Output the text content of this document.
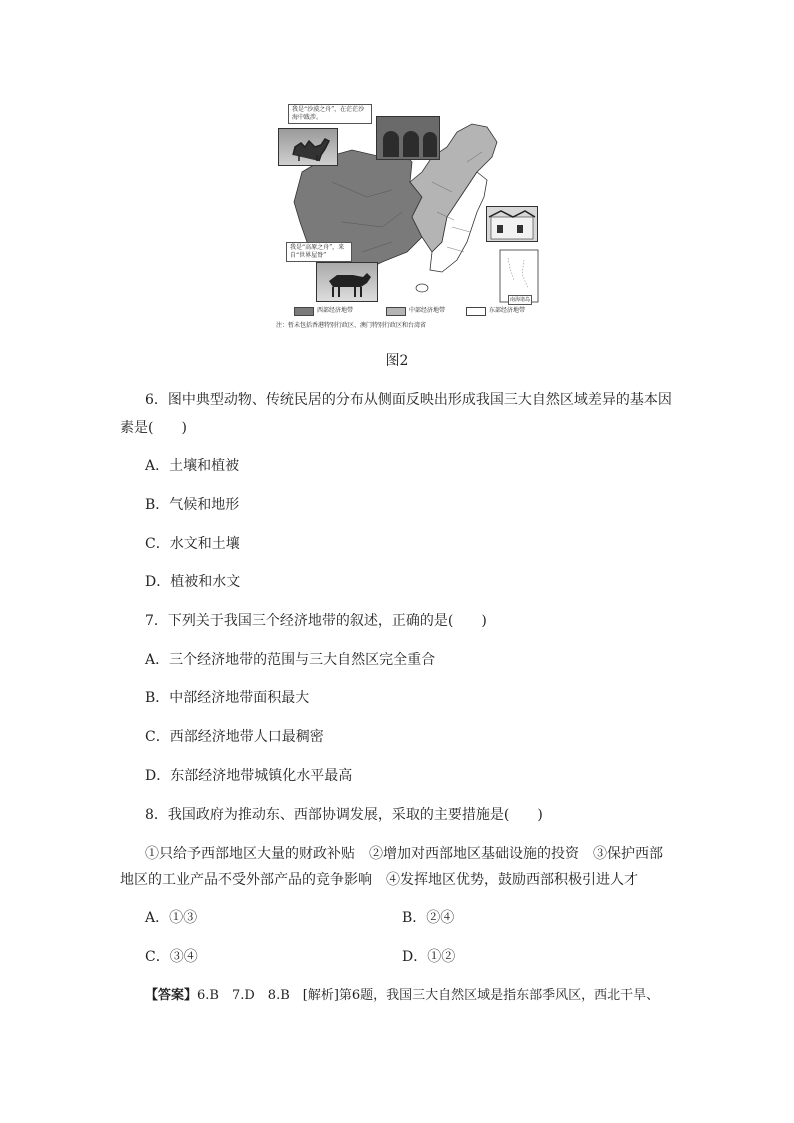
南海诸岛
我是“沙漠之舟”，在茫茫沙海中跋涉。
我是“高原之舟”，来自“世界屋脊”
西部经济地带	中部经济地带	东部经济地带
注：暂未包括香港特别行政区、澳门特别行政区和台湾省
图2
6．图中典型动物、传统民居的分布从侧面反映出形成我国三大自然区域差异的基本因
素是(　　)
A．土壤和植被
B．气候和地形
C．水文和土壤
D．植被和水文
7．下列关于我国三个经济地带的叙述，正确的是(　　)
A．三个经济地带的范围与三大自然区完全重合
B．中部经济地带面积最大
C．西部经济地带人口最稠密
D．东部经济地带城镇化水平最高
8．我国政府为推动东、西部协调发展，采取的主要措施是(　　)
①只给予西部地区大量的财政补贴　②增加对西部地区基础设施的投资　③保护西部
地区的工业产品不受外部产品的竞争影响　④发挥地区优势，鼓励西部积极引进人才
A．①③	B．②④
C．③④	D．①②
【答案】6.B　7.D　8.B　[解析]第6题，我国三大自然区域是指东部季风区，西北干旱、
